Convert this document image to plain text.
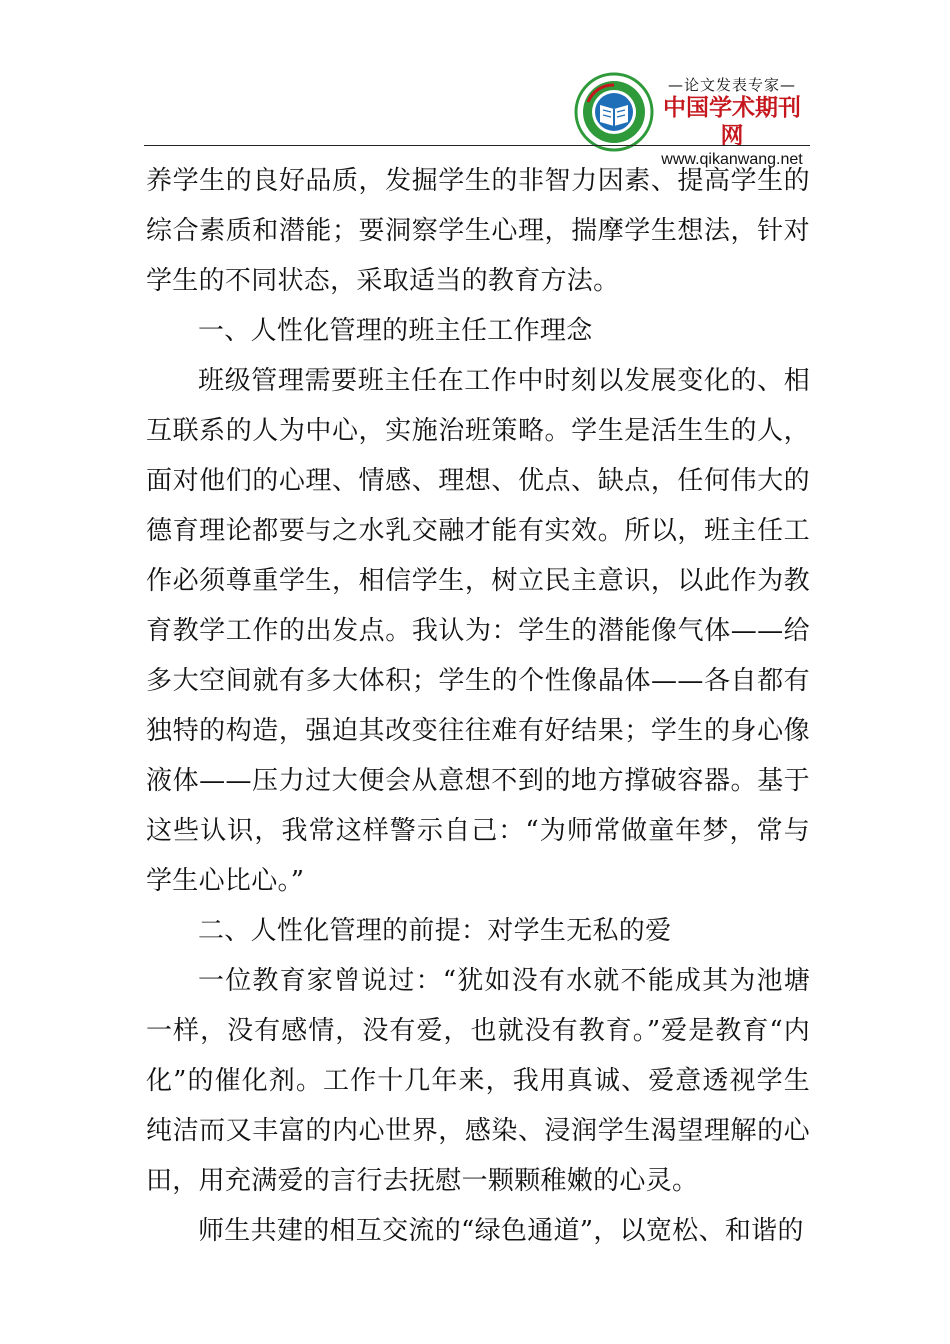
—论文发表专家—
中国学术期刊网
www.qikanwang.net

养学生的良好品质，发掘学生的非智力因素、提高学生的综合素质和潜能；要洞察学生心理，揣摩学生想法，针对学生的不同状态，采取适当的教育方法。

一、人性化管理的班主任工作理念

班级管理需要班主任在工作中时刻以发展变化的、相互联系的人为中心，实施治班策略。学生是活生生的人，面对他们的心理、情感、理想、优点、缺点，任何伟大的德育理论都要与之水乳交融才能有实效。所以，班主任工作必须尊重学生，相信学生，树立民主意识，以此作为教育教学工作的出发点。我认为：学生的潜能像气体——给多大空间就有多大体积；学生的个性像晶体——各自都有独特的构造，强迫其改变往往难有好结果；学生的身心像液体——压力过大便会从意想不到的地方撑破容器。基于这些认识，我常这样警示自己：“为师常做童年梦，常与学生心比心。”

二、人性化管理的前提：对学生无私的爱

一位教育家曾说过：“犹如没有水就不能成其为池塘一样，没有感情，没有爱，也就没有教育。”爱是教育“内化”的催化剂。工作十几年来，我用真诚、爱意透视学生纯洁而又丰富的内心世界，感染、浸润学生渴望理解的心田，用充满爱的言行去抚慰一颗颗稚嫩的心灵。

师生共建的相互交流的“绿色通道”，以宽松、和谐的
